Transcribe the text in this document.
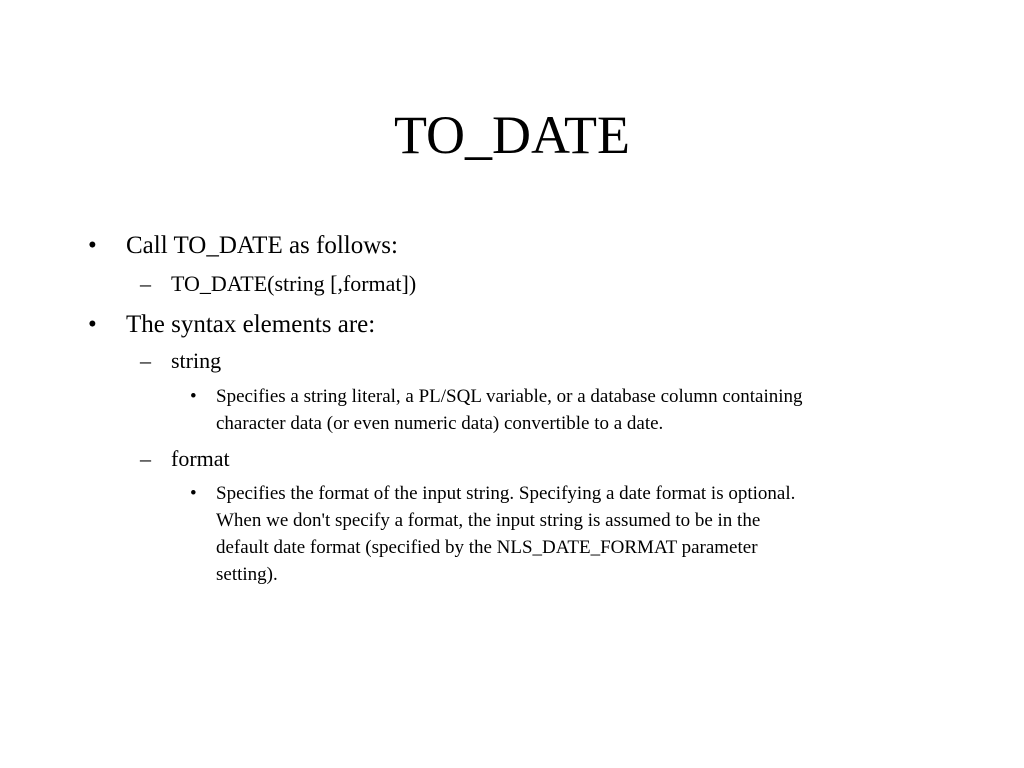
TO_DATE
• Call TO_DATE as follows:
– TO_DATE(string [,format])
• The syntax elements are:
– string
• Specifies a string literal, a PL/SQL variable, or a database column containing
character data (or even numeric data) convertible to a date.
– format
• Specifies the format of the input string. Specifying a date format is optional.
When we don't specify a format, the input string is assumed to be in the
default date format (specified by the NLS_DATE_FORMAT parameter
setting).
